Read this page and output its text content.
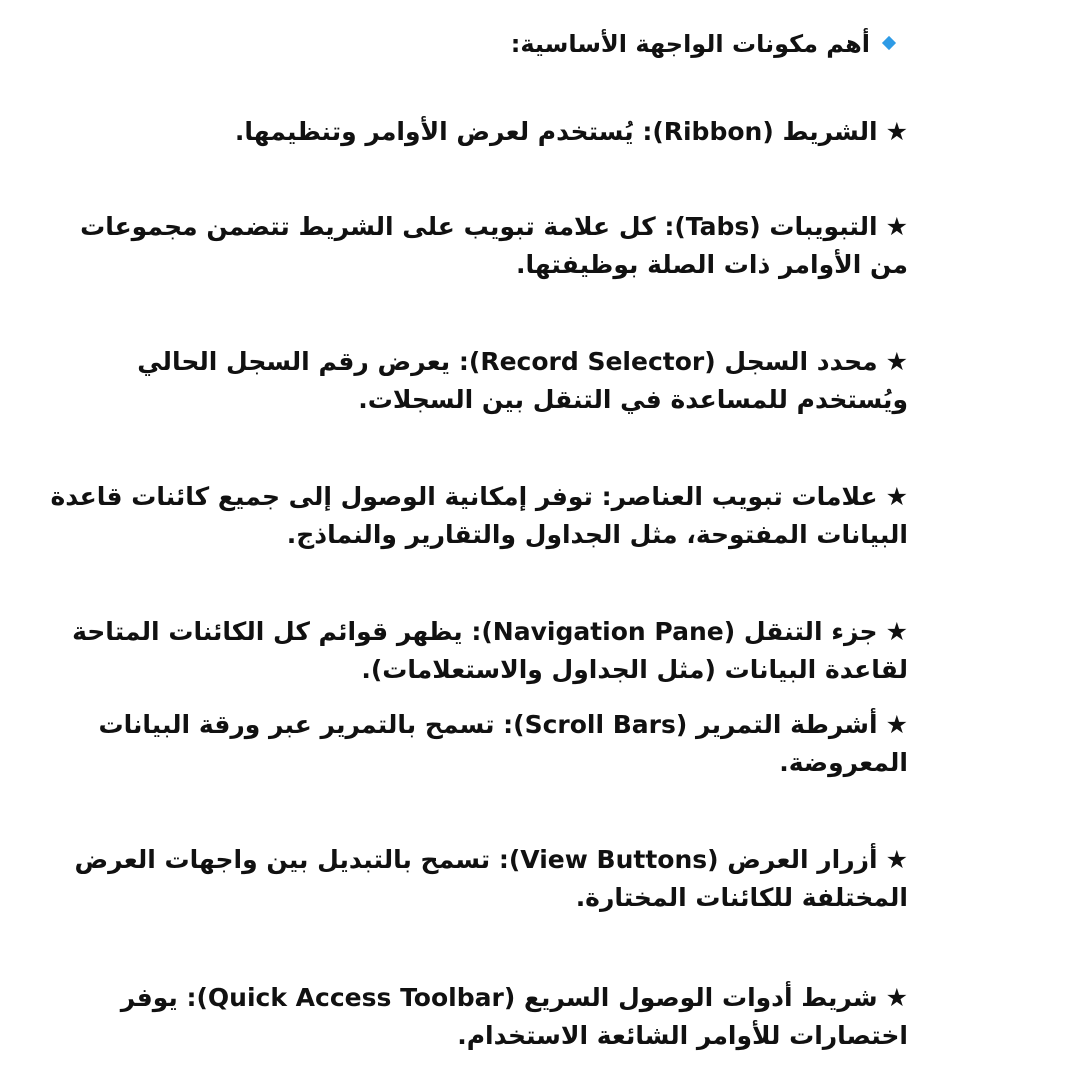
أهم مكونات الواجهة الأساسية:
★الشريط (Ribbon): يُستخدم لعرض الأوامر وتنظيمها.
★التبويبات (Tabs): كل علامة تبويب على الشريط تتضمن مجموعات من الأوامر ذات الصلة بوظيفتها.
★محدد السجل (Record Selector): يعرض رقم السجل الحالي ويُستخدم للمساعدة في التنقل بين السجلات.
★علامات تبويب العناصر: توفر إمكانية الوصول إلى جميع كائنات قاعدة البيانات المفتوحة، مثل الجداول والتقارير والنماذج.
★جزء التنقل (Navigation Pane): يظهر قوائم كل الكائنات المتاحة لقاعدة البيانات (مثل الجداول والاستعلامات).
★أشرطة التمرير (Scroll Bars): تسمح بالتمرير عبر ورقة البيانات المعروضة.
★أزرار العرض (View Buttons): تسمح بالتبديل بين واجهات العرض المختلفة للكائنات المختارة.
★شريط أدوات الوصول السريع (Quick Access Toolbar): يوفر اختصارات للأوامر الشائعة الاستخدام.
